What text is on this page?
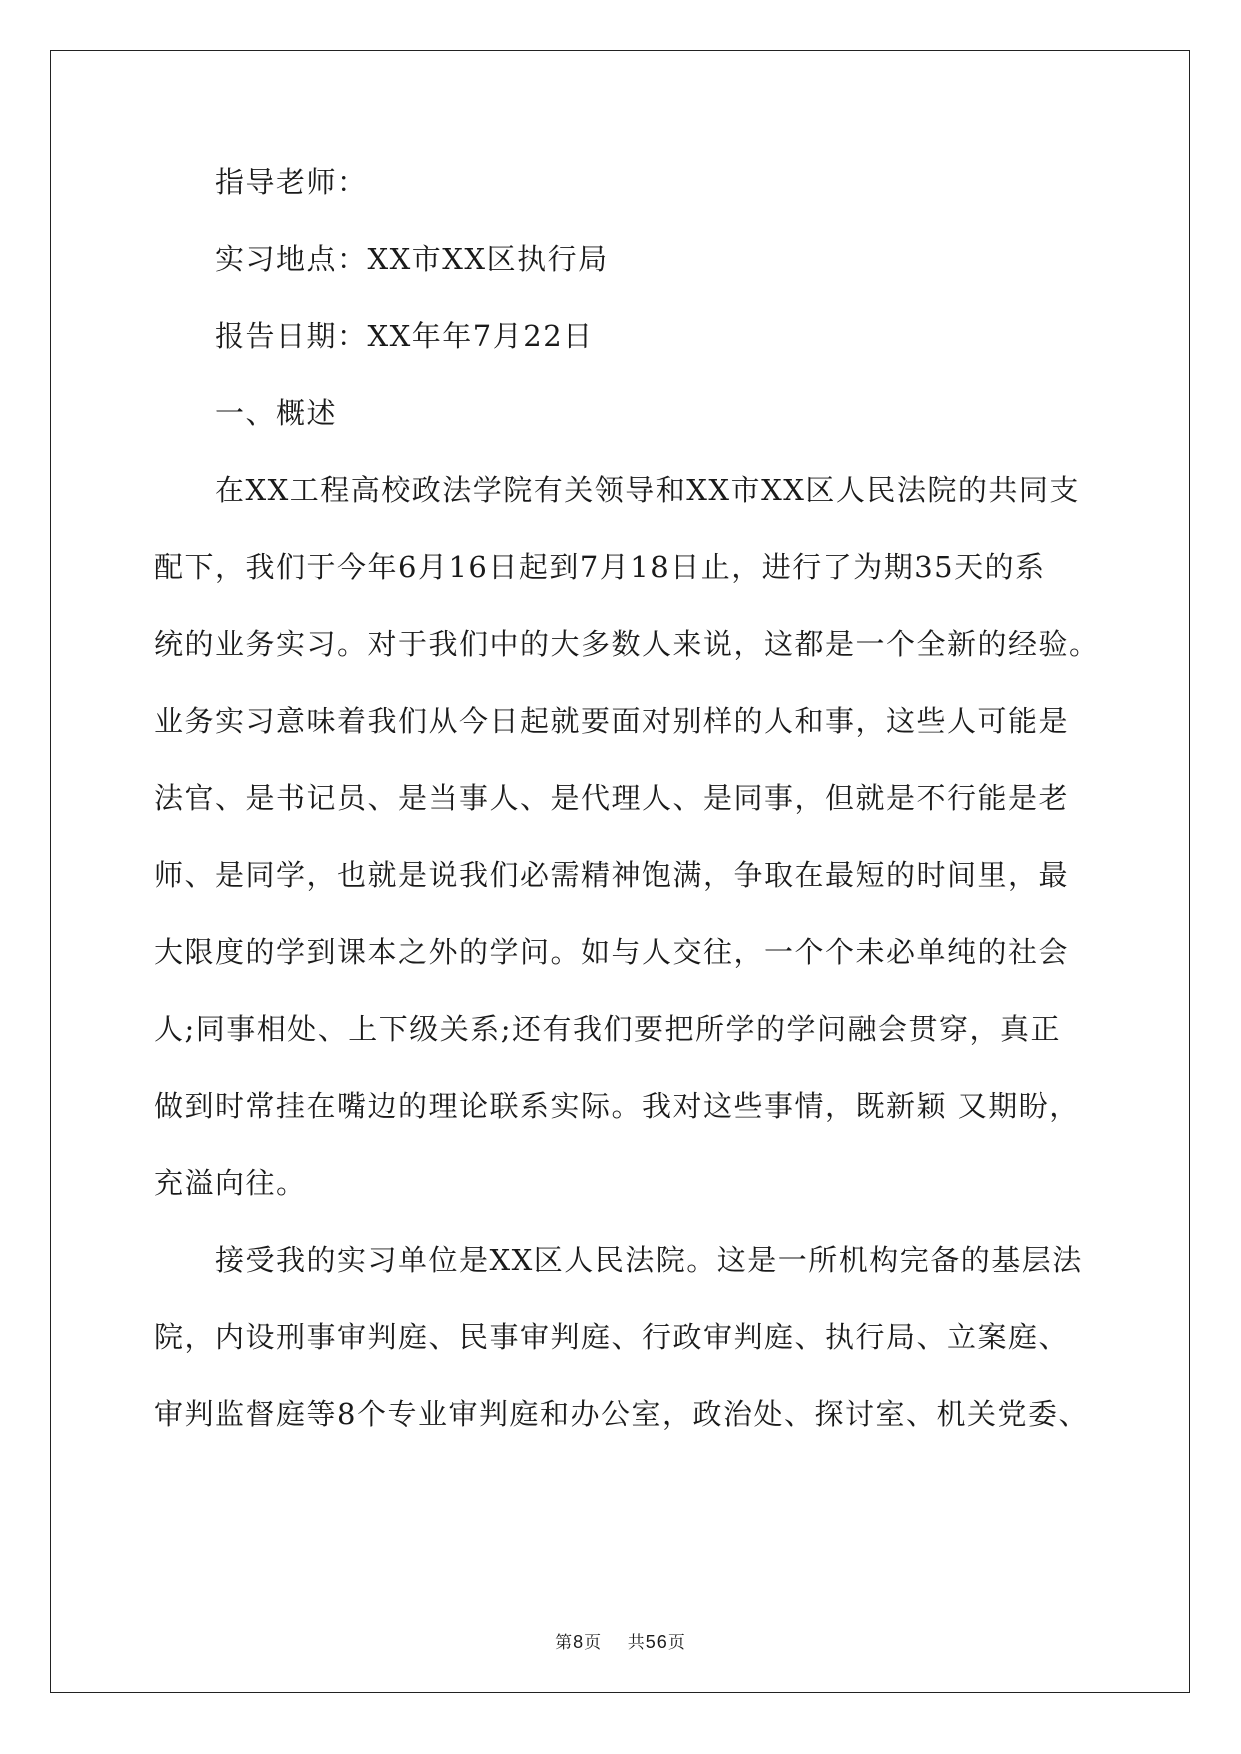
指导老师：

实习地点：XX市XX区执行局

报告日期：XX年年7月22日

一、概述

在XX工程高校政法学院有关领导和XX市XX区人民法院的共同支

配下，我们于今年6月16日起到7月18日止，进行了为期35天的系

统的业务实习。对于我们中的大多数人来说，这都是一个全新的经验。

业务实习意味着我们从今日起就要面对别样的人和事，这些人可能是

法官、是书记员、是当事人、是代理人、是同事，但就是不行能是老

师、是同学，也就是说我们必需精神饱满，争取在最短的时间里，最

大限度的学到课本之外的学问。如与人交往，一个个未必单纯的社会

人;同事相处、上下级关系;还有我们要把所学的学问融会贯穿，真正

做到时常挂在嘴边的理论联系实际。我对这些事情，既新颖 又期盼，

充溢向往。

接受我的实习单位是XX区人民法院。这是一所机构完备的基层法

院，内设刑事审判庭、民事审判庭、行政审判庭、执行局、立案庭、

审判监督庭等8个专业审判庭和办公室，政治处、探讨室、机关党委、

第8页 共56页
